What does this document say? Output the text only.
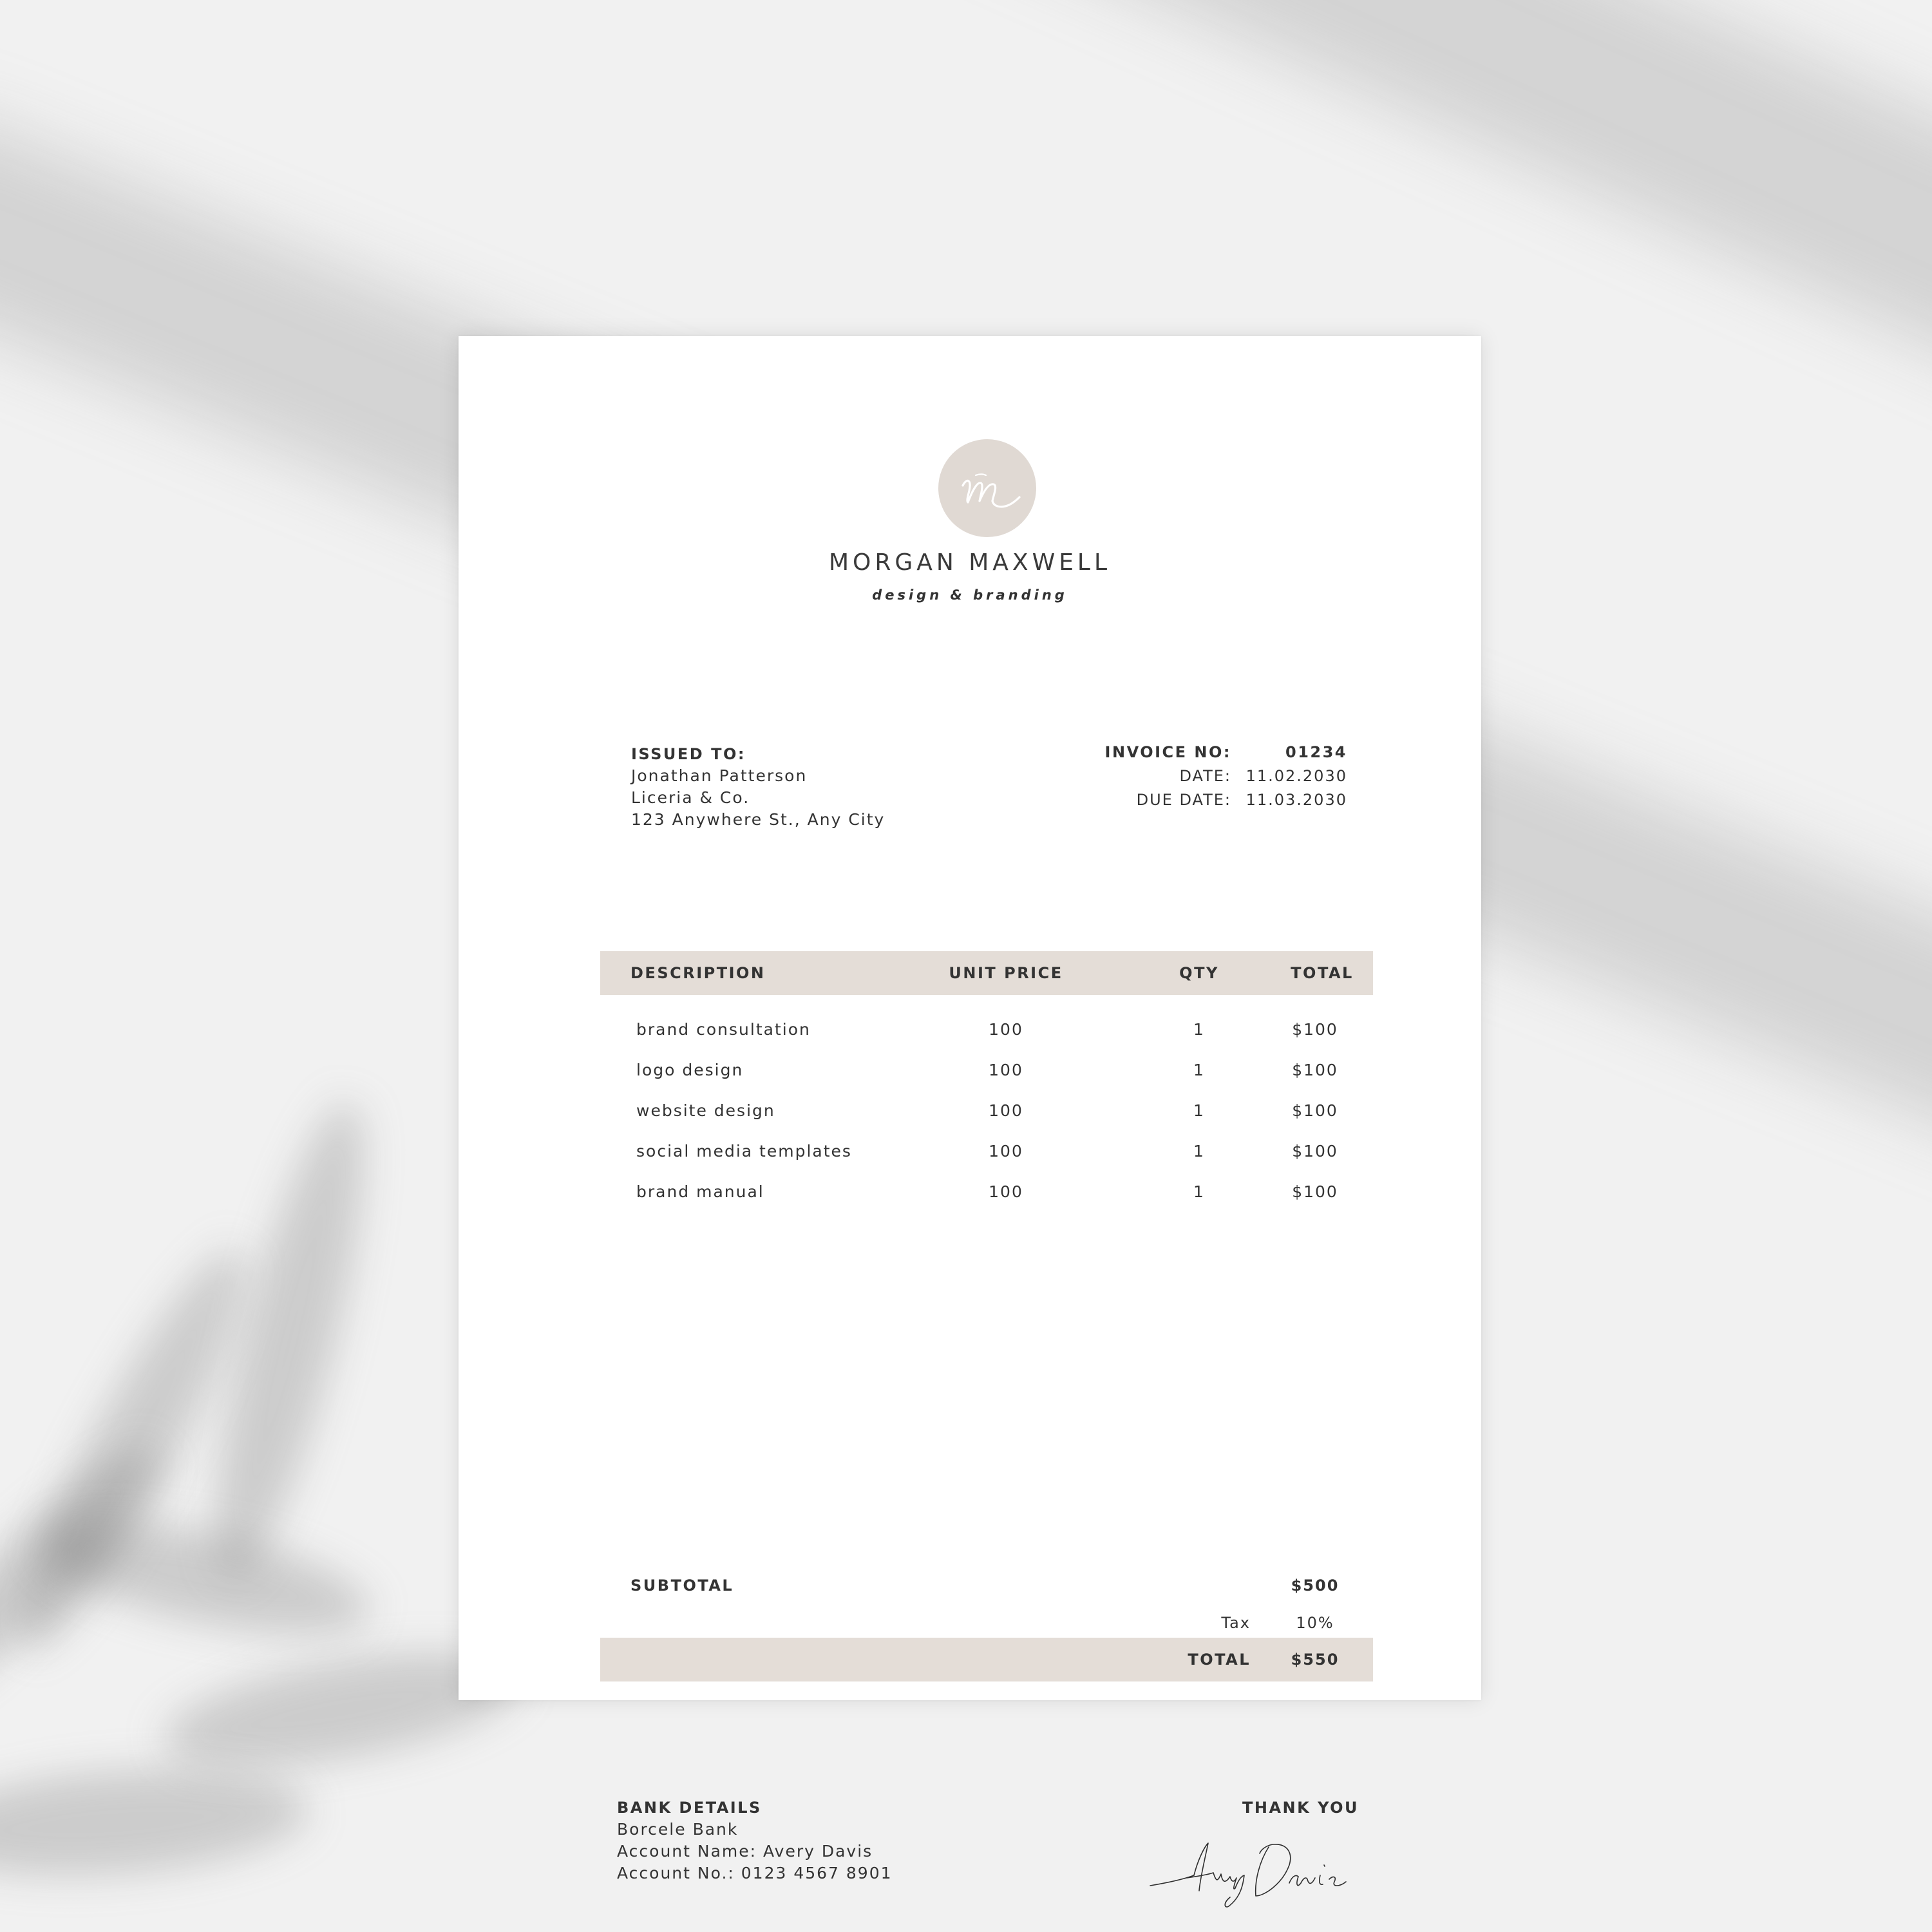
MORGAN MAXWELL
design & branding
ISSUED TO:
Jonathan Patterson
Liceria & Co.
123 Anywhere St., Any City
INVOICE NO:	01234
DATE: 11.02.2030
DUE DATE: 11.03.2030
DESCRIPTION	UNIT PRICE	QTY	TOTAL
brand consultation	100	1	$100
logo design	100	1	$100
website design	100	1	$100
social media templates	100	1	$100
brand manual	100	1	$100
SUBTOTAL	$500
Tax	10%
TOTAL	$550
BANK DETAILS
Borcele Bank
Account Name: Avery Davis
Account No.: 0123 4567 8901
THANK YOU
